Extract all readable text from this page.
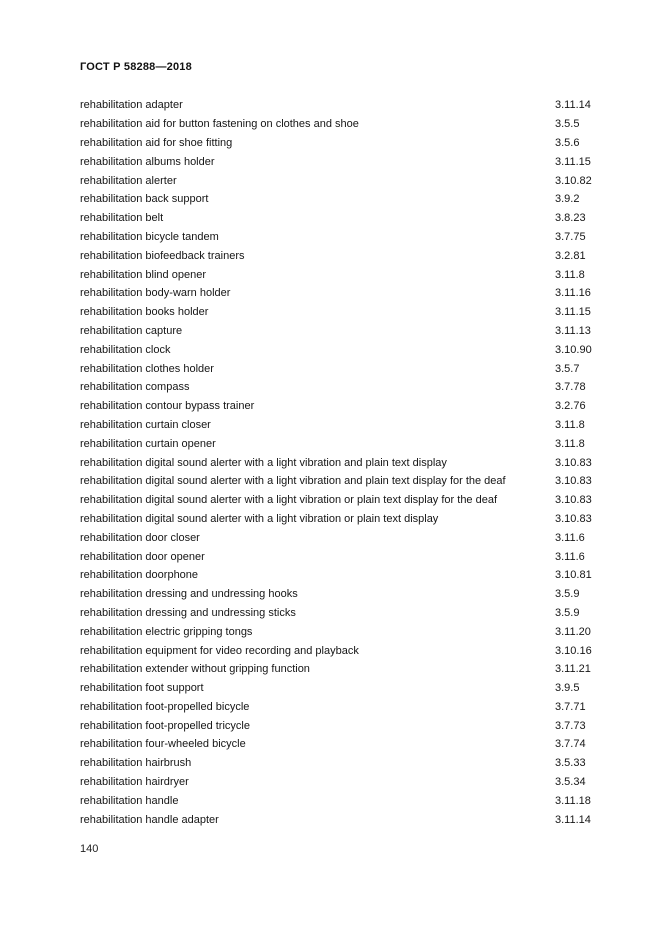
ГОСТ Р 58288—2018
rehabilitation adapter	3.11.14
rehabilitation aid for button fastening on clothes and shoe	3.5.5
rehabilitation aid for shoe fitting	3.5.6
rehabilitation albums holder	3.11.15
rehabilitation alerter	3.10.82
rehabilitation back support	3.9.2
rehabilitation belt	3.8.23
rehabilitation bicycle tandem	3.7.75
rehabilitation biofeedback trainers	3.2.81
rehabilitation blind opener	3.11.8
rehabilitation body-warn holder	3.11.16
rehabilitation books holder	3.11.15
rehabilitation capture	3.11.13
rehabilitation clock	3.10.90
rehabilitation clothes holder	3.5.7
rehabilitation compass	3.7.78
rehabilitation contour bypass trainer	3.2.76
rehabilitation curtain closer	3.11.8
rehabilitation curtain opener	3.11.8
rehabilitation digital sound alerter with a light vibration and plain text display	3.10.83
rehabilitation digital sound alerter with a light vibration and plain text display for the deaf	3.10.83
rehabilitation digital sound alerter with a light vibration or plain text display for the deaf	3.10.83
rehabilitation digital sound alerter with a light vibration or plain text display	3.10.83
rehabilitation door closer	3.11.6
rehabilitation door opener	3.11.6
rehabilitation doorphone	3.10.81
rehabilitation dressing and undressing hooks	3.5.9
rehabilitation dressing and undressing sticks	3.5.9
rehabilitation electric gripping tongs	3.11.20
rehabilitation equipment for video recording and playback	3.10.16
rehabilitation extender without gripping function	3.11.21
rehabilitation foot support	3.9.5
rehabilitation foot-propelled bicycle	3.7.71
rehabilitation foot-propelled tricycle	3.7.73
rehabilitation four-wheeled bicycle	3.7.74
rehabilitation hairbrush	3.5.33
rehabilitation hairdryer	3.5.34
rehabilitation handle	3.11.18
rehabilitation handle adapter	3.11.14
140
